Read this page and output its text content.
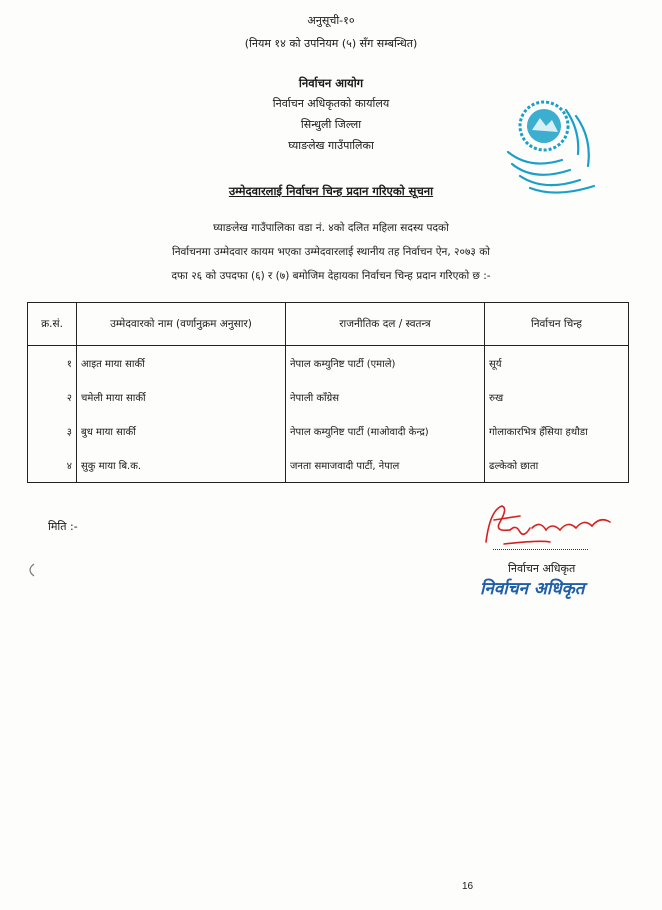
अनुसूची-१०
(नियम १४ को उपनियम (५) सँग सम्बन्धित)
निर्वाचन आयोग
निर्वाचन अधिकृतको कार्यालय
सिन्धुली जिल्ला
घ्याङलेख गाउँपालिका
उम्मेदवारलाई निर्वाचन चिन्ह प्रदान गरिएको सूचना
घ्याङलेख गाउँपालिका वडा नं. ४को दलित महिला सदस्य पदको
निर्वाचनमा उम्मेदवार कायम भएका उम्मेदवारलाई स्थानीय तह निर्वाचन ऐन, २०७३ को
दफा २६ को उपदफा (६) र (७) बमोजिम देहायका निर्वाचन चिन्ह प्रदान गरिएको छ :-
क्र.सं.	उम्मेदवारको नाम (वर्णानुक्रम अनुसार)	राजनीतिक दल / स्वतन्त्र	निर्वाचन चिन्ह
१	आइत माया सार्की	नेपाल कम्युनिष्ट पार्टी (एमाले)	सूर्य
२	चमेली माया सार्की	नेपाली काँग्रेस	रुख
३	बुध माया सार्की	नेपाल कम्युनिष्ट पार्टी (माओवादी केन्द्र)	गोलाकारभित्र हँसिया हथौडा
४	सुकु माया बि.क.	जनता समाजवादी पार्टी, नेपाल	ढल्केको छाता
मिति :-
निर्वाचन अधिकृत
निर्वाचन अधिकृत
16
